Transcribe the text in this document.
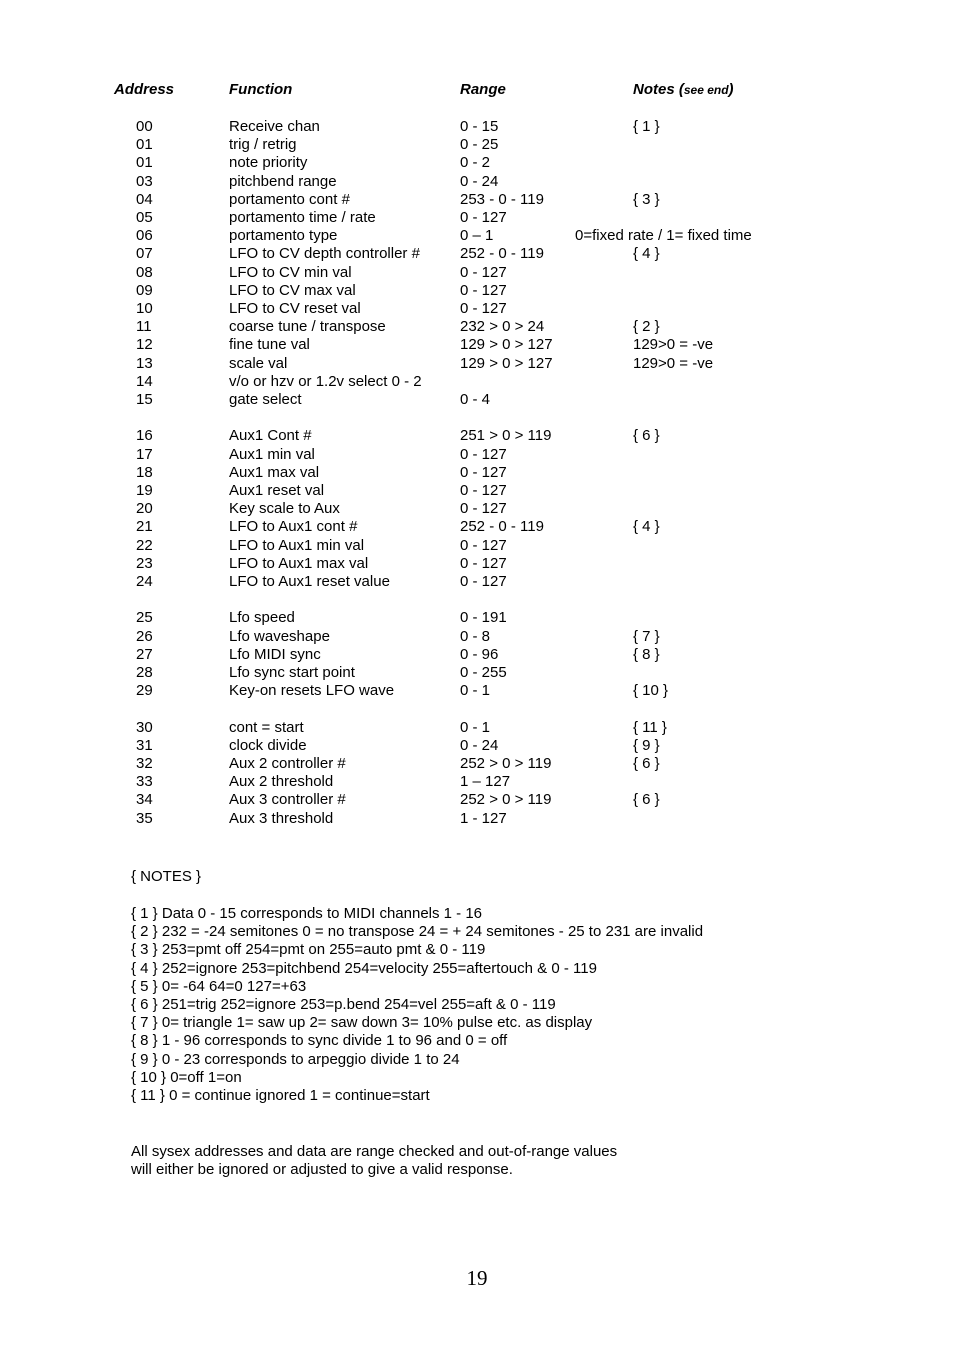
Address	Function	Range	Notes (see end)
00	Receive chan	0 - 15	{ 1 }
01	trig / retrig	0 - 25
01	note priority	0 - 2
03	pitchbend range	0 - 24
04	portamento cont #	253 - 0 - 119	{ 3 }
05	portamento time / rate	0 - 127
06	portamento type	0 – 1	0=fixed rate / 1= fixed time
07	LFO to CV depth controller #	252 - 0 - 119	{ 4 }
08	LFO to CV min val	0 - 127
09	LFO to CV max val	0 - 127
10	LFO to CV reset val	0 - 127
11	coarse tune / transpose	232 > 0 > 24	{ 2 }
12	fine tune val	129 > 0 > 127	129>0 = -ve
13	scale val	129 > 0 > 127	129>0 = -ve
14	v/o or hzv or 1.2v select 0 - 2
15	gate select	0 - 4
16	Aux1 Cont #	251 > 0 > 119	{ 6 }
17	Aux1 min val	0 - 127
18	Aux1 max val	0 - 127
19	Aux1 reset val	0 - 127
20	Key scale to Aux	0 - 127
21	LFO to Aux1 cont #	252 - 0 - 119	{ 4 }
22	LFO to Aux1 min val	0 - 127
23	LFO to Aux1 max val	0 - 127
24	LFO to Aux1 reset value	0 - 127
25	Lfo speed	0 - 191
26	Lfo waveshape	0 - 8	{ 7 }
27	Lfo MIDI sync	0 - 96	{ 8 }
28	Lfo sync start point	0 - 255
29	Key-on resets LFO wave	0 - 1	{ 10 }
30	cont = start	0 - 1	{ 11 }
31	clock divide	0 - 24	{ 9 }
32	Aux 2 controller #	252 > 0 > 119	{ 6 }
33	Aux 2 threshold	1 – 127
34	Aux 3 controller #	252 > 0 > 119	{ 6 }
35	Aux 3 threshold	1 - 127
{ NOTES }
{ 1 } Data 0 - 15 corresponds to MIDI channels 1 - 16
{ 2 } 232 = -24 semitones 0 = no transpose 24 = + 24 semitones - 25 to 231 are invalid
{ 3 } 253=pmt off 254=pmt on 255=auto pmt & 0 - 119
{ 4 } 252=ignore 253=pitchbend 254=velocity 255=aftertouch & 0 - 119
{ 5 } 0= -64 64=0 127=+63
{ 6 } 251=trig 252=ignore 253=p.bend 254=vel 255=aft & 0 - 119
{ 7 } 0= triangle 1= saw up 2= saw down 3= 10% pulse etc. as display
{ 8 } 1 - 96 corresponds to sync divide 1 to 96 and 0 = off
{ 9 } 0 - 23 corresponds to arpeggio divide 1 to 24
{ 10 } 0=off 1=on
{ 11 } 0 = continue ignored 1 = continue=start
All sysex addresses and data are range checked and out-of-range values
will either be ignored or adjusted to give a valid response.
19
